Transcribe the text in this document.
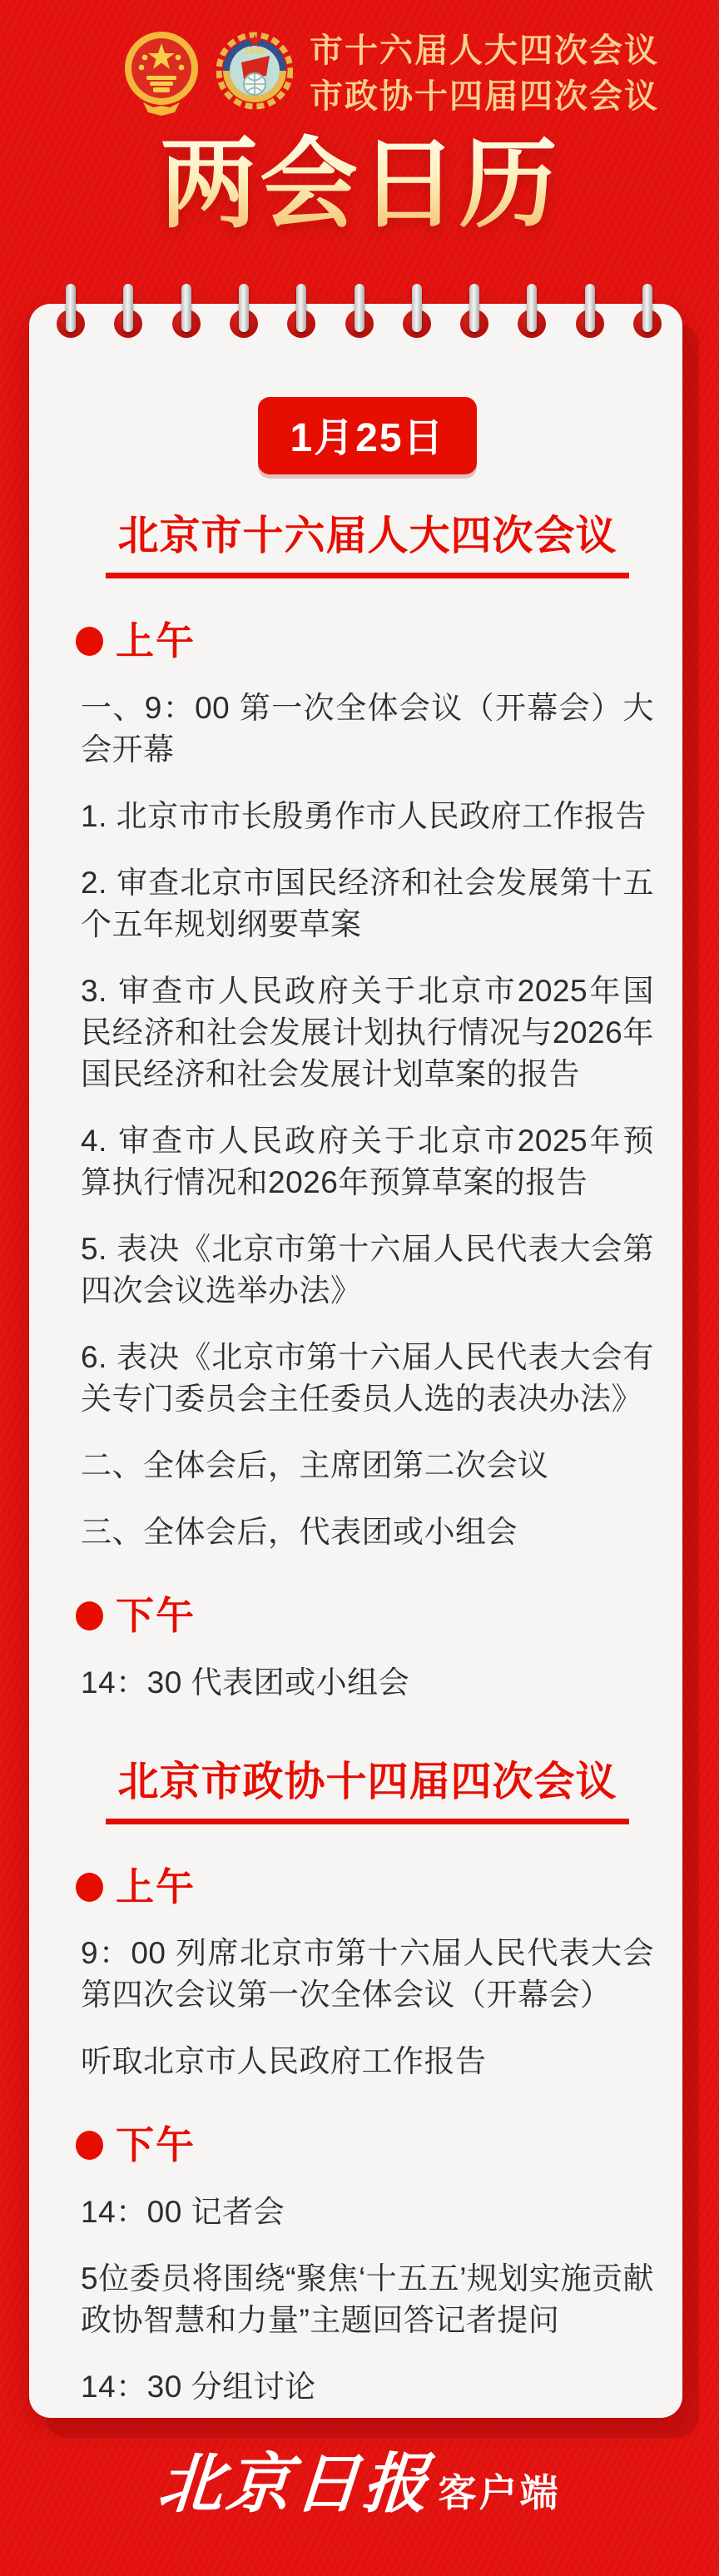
1949 市十六届人大四次会议
市政协十四届四次会议
两会日历
1月25日
北京市十六届人大四次会议
上午

一、9：00 第一次全体会议（开幕会）大会开幕

1. 北京市市长殷勇作市人民政府工作报告

2. 审查北京市国民经济和社会发展第十五个五年规划纲要草案

3. 审查市人民政府关于北京市2025年国民经济和社会发展计划执行情况与2026年国民经济和社会发展计划草案的报告

4. 审查市人民政府关于北京市2025年预算执行情况和2026年预算草案的报告

5. 表决《北京市第十六届人民代表大会第四次会议选举办法》

6. 表决《北京市第十六届人民代表大会有关专门委员会主任委员人选的表决办法》

二、全体会后，主席团第二次会议

三、全体会后，代表团或小组会

下午

14：30 代表团或小组会

北京市政协十四届四次会议
上午

9：00 列席北京市第十六届人民代表大会第四次会议第一次全体会议（开幕会）

听取北京市人民政府工作报告

下午

14：00 记者会

5位委员将围绕“聚焦‘十五五’规划实施贡献政协智慧和力量”主题回答记者提问

14：30 分组讨论

北京日报 客户端
